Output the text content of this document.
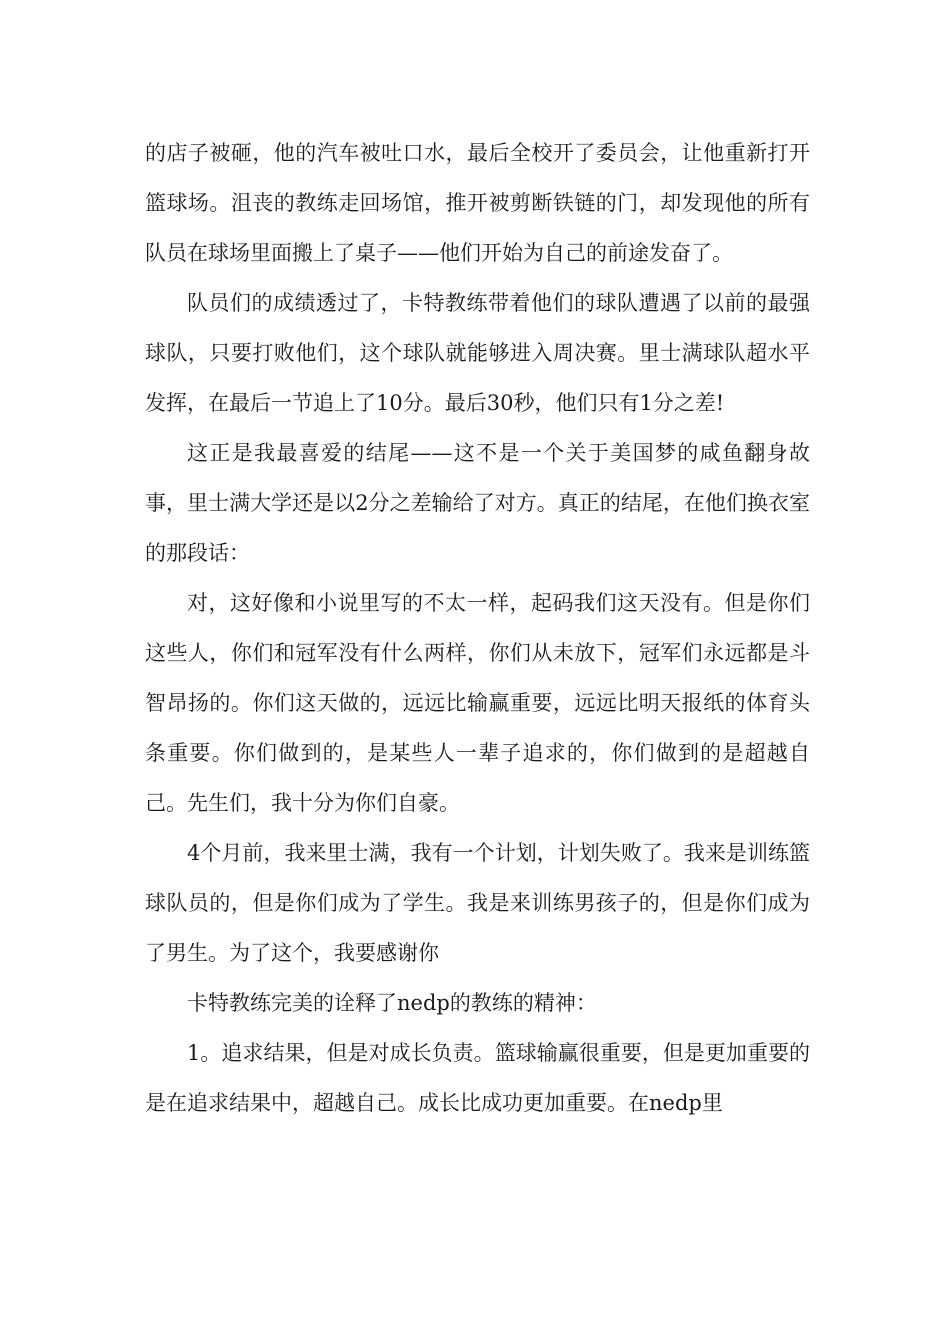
的店子被砸，他的汽车被吐口水，最后全校开了委员会，让他重新打开篮球场。沮丧的教练走回场馆，推开被剪断铁链的门，却发现他的所有队员在球场里面搬上了桌子——他们开始为自己的前途发奋了。

队员们的成绩透过了，卡特教练带着他们的球队遭遇了以前的最强球队，只要打败他们，这个球队就能够进入周决赛。里士满球队超水平发挥，在最后一节追上了10分。最后30秒，他们只有1分之差!

这正是我最喜爱的结尾——这不是一个关于美国梦的咸鱼翻身故事，里士满大学还是以2分之差输给了对方。真正的结尾，在他们换衣室的那段话：

对，这好像和小说里写的不太一样，起码我们这天没有。但是你们这些人，你们和冠军没有什么两样，你们从未放下，冠军们永远都是斗智昂扬的。你们这天做的，远远比输赢重要，远远比明天报纸的体育头条重要。你们做到的，是某些人一辈子追求的，你们做到的是超越自己。先生们，我十分为你们自豪。

4个月前，我来里士满，我有一个计划，计划失败了。我来是训练篮球队员的，但是你们成为了学生。我是来训练男孩子的，但是你们成为了男生。为了这个，我要感谢你

卡特教练完美的诠释了nedp的教练的精神：

1。追求结果，但是对成长负责。篮球输赢很重要，但是更加重要的是在追求结果中，超越自己。成长比成功更加重要。在nedp里
